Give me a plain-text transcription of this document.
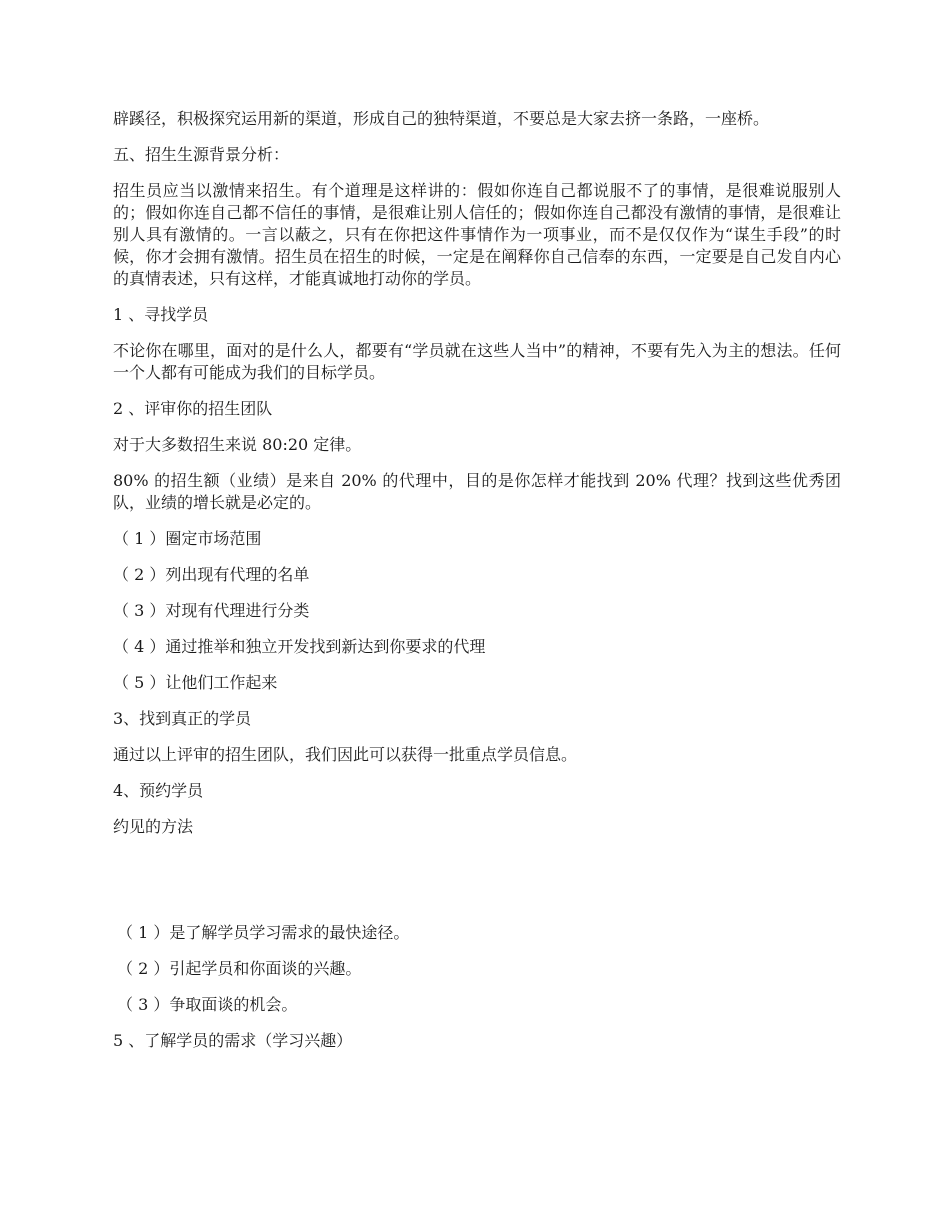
辟蹊径，积极探究运用新的渠道，形成自己的独特渠道，不要总是大家去挤一条路，一座桥。

五、招生生源背景分析：

招生员应当以激情来招生。有个道理是这样讲的：假如你连自己都说服不了的事情，是很难说服别人的；假如你连自己都不信任的事情，是很难让别人信任的；假如你连自己都没有激情的事情，是很难让别人具有激情的。一言以蔽之，只有在你把这件事情作为一项事业，而不是仅仅作为“谋生手段”的时候，你才会拥有激情。招生员在招生的时候，一定是在阐释你自己信奉的东西，一定要是自己发自内心的真情表述，只有这样，才能真诚地打动你的学员。

1 、寻找学员

不论你在哪里，面对的是什么人，都要有“学员就在这些人当中”的精神，不要有先入为主的想法。任何一个人都有可能成为我们的目标学员。

2 、评审你的招生团队

对于大多数招生来说 80:20 定律。

80% 的招生额（业绩）是来自 20% 的代理中，目的是你怎样才能找到 20% 代理？找到这些优秀团队，业绩的增长就是必定的。

（ 1 ）圈定市场范围

（ 2 ）列出现有代理的名单

（ 3 ）对现有代理进行分类

（ 4 ）通过推举和独立开发找到新达到你要求的代理

（ 5 ）让他们工作起来

3、找到真正的学员

通过以上评审的招生团队，我们因此可以获得一批重点学员信息。

4、预约学员

约见的方法

（ 1 ）是了解学员学习需求的最快途径。

（ 2 ）引起学员和你面谈的兴趣。

（ 3 ）争取面谈的机会。

5 、了解学员的需求（学习兴趣）
